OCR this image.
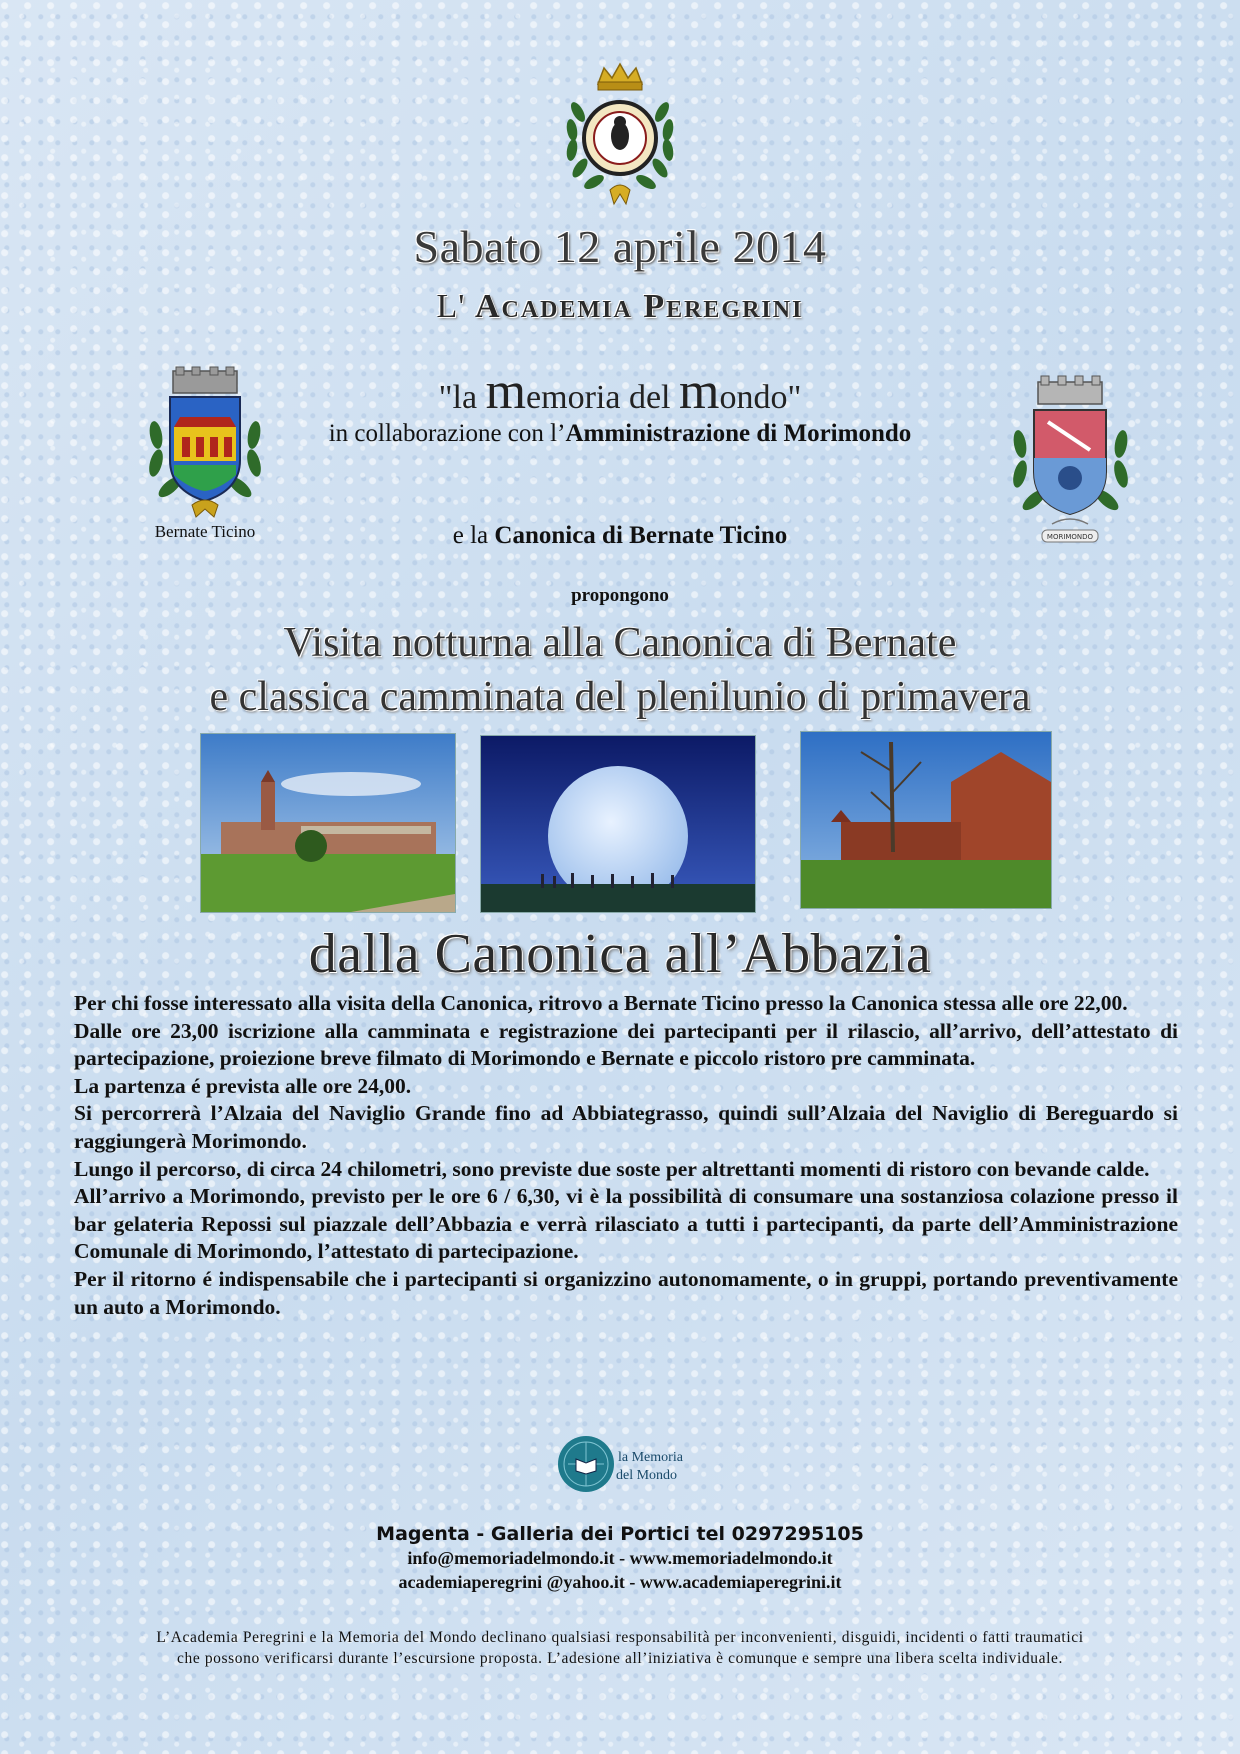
Sabato 12 aprile 2014
L' Academia Peregrini
"la memoria del mondo"
in collaborazione con l’Amministrazione di Morimondo
Bernate Ticino	MORIMONDO
e la Canonica di Bernate Ticino
propongono
Visita notturna alla Canonica di Bernate
e classica camminata del plenilunio di primavera
dalla Canonica all’Abbazia

Per chi fosse interessato alla visita della Canonica, ritrovo a Bernate Ticino presso la Canonica stessa alle ore 22,00.

Dalle ore 23,00 iscrizione alla camminata e registrazione dei partecipanti per il rilascio, all’arrivo, dell’attestato di partecipazione, proiezione breve filmato di Morimondo e Bernate e piccolo ristoro pre camminata.

La partenza é prevista alle ore 24,00.

Si percorrerà l’Alzaia del Naviglio Grande fino ad Abbiategrasso, quindi sull’Alzaia del Naviglio di Bereguardo si raggiungerà Morimondo.

Lungo il percorso, di circa 24 chilometri, sono previste due soste per altrettanti momenti di ristoro con bevande calde.

All’arrivo a Morimondo, previsto per le ore 6 / 6,30, vi è la possibilità di consumare una sostanziosa colazione presso il bar gelateria Repossi sul piazzale dell’Abbazia e verrà rilasciato a tutti i partecipanti, da parte dell’Amministrazione Comunale di Morimondo, l’attestato di partecipazione.

Per il ritorno é indispensabile che i partecipanti si organizzino autonomamente, o in gruppi, portando preventivamente un auto a Morimondo.

la Memoria
del Mondo
Magenta - Galleria dei Portici tel 0297295105
info@memoriadelmondo.it - www.memoriadelmondo.it
academiaperegrini @yahoo.it - www.academiaperegrini.it
L’Academia Peregrini e la Memoria del Mondo declinano qualsiasi responsabilità per inconvenienti, disguidi, incidenti o fatti traumatici
che possono verificarsi durante l’escursione proposta. L’adesione all’iniziativa è comunque e sempre una libera scelta individuale.
